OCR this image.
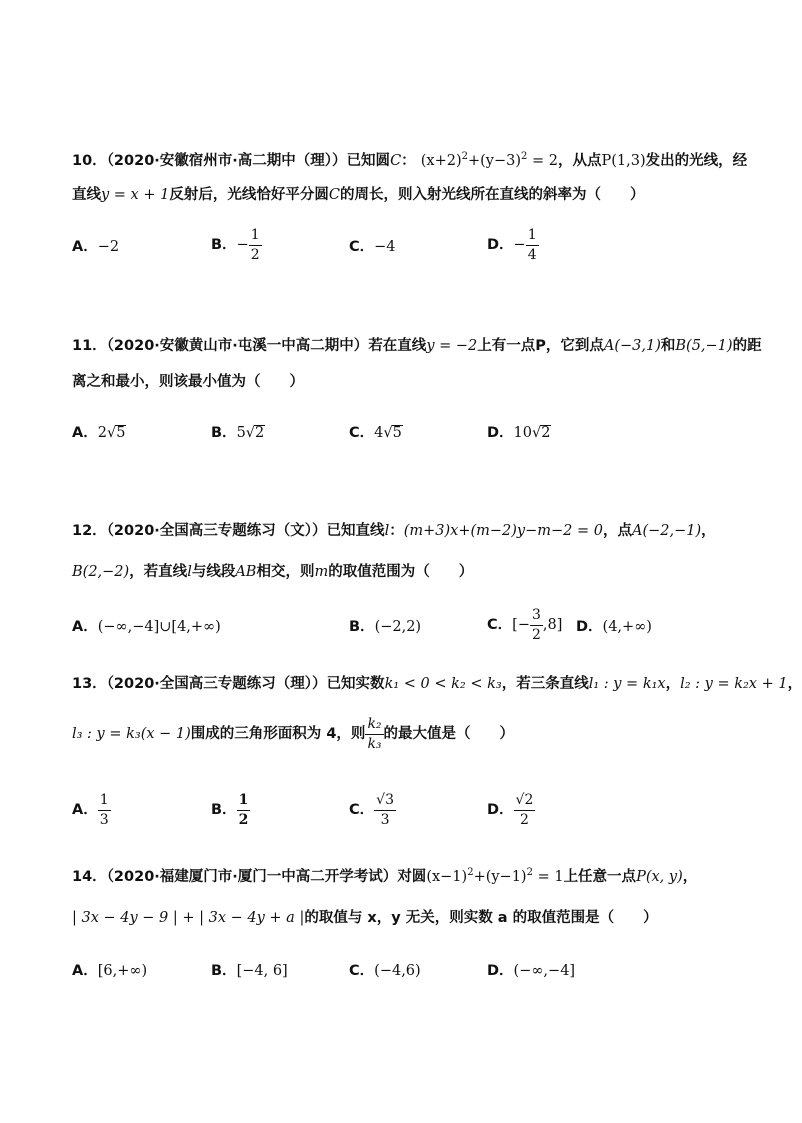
10．（2020·安徽宿州市·高二期中（理））已知圆C： $(x+2)^2+(y-3)^2 = 2$，从点P(1,3)发出的光线，经
直线y = x + 1反射后，光线恰好平分圆C的周长，则入射光线所在直线的斜率为（　　）
A．−2	B．− $\frac{1}{2}$	C．−4	D．− $\frac{1}{4}$
11．（2020·安徽黄山市·屯溪一中高二期中）若在直线y = −2上有一点P，它到点A(−3,1)和B(5,−1)的距
离之和最小，则该最小值为（　　）
A．2√5	B．5√2	C．4√5	D．10√2
12．（2020·全国高三专题练习（文））已知直线l：(m+3)x+(m−2)y−m−2 = 0，点A(−2,−1)，
B(2,−2)，若直线l与线段AB相交，则m的取值范围为（　　）
A．(−∞,−4]∪[4,+∞)	B．(−2,2)	C．[− $\frac{3}{2} ,8$] D．(4,+∞)
13．（2020·全国高三专题练习（理））已知实数k₁ < 0 < k₂ < k₃，若三条直线l₁ : y = k₁x，l₂ : y = k₂x + 1，
l₃ : y = k₃(x − 1) 围成的三角形面积为 4，则 $\frac{\text{k₂}}{\text{k₃}}$ 的最大值是（　　）
A． $\frac{1}{3}$	B． $\frac{1}{2}$	C． $\frac{√3}{3}$	D． $\frac{√2}{2}$
14．（2020·福建厦门市·厦门一中高二开学考试）对圆$(x-1)^2+(y-1)^2 = 1$上任意一点P(x, y)，
| 3x − 4y − 9 | + | 3x − 4y + a |的取值与 x，y 无关，则实数 a 的取值范围是（　　）
A．[6,+∞)	B．[−4, 6]	C．(−4,6)	D．(−∞,−4]
